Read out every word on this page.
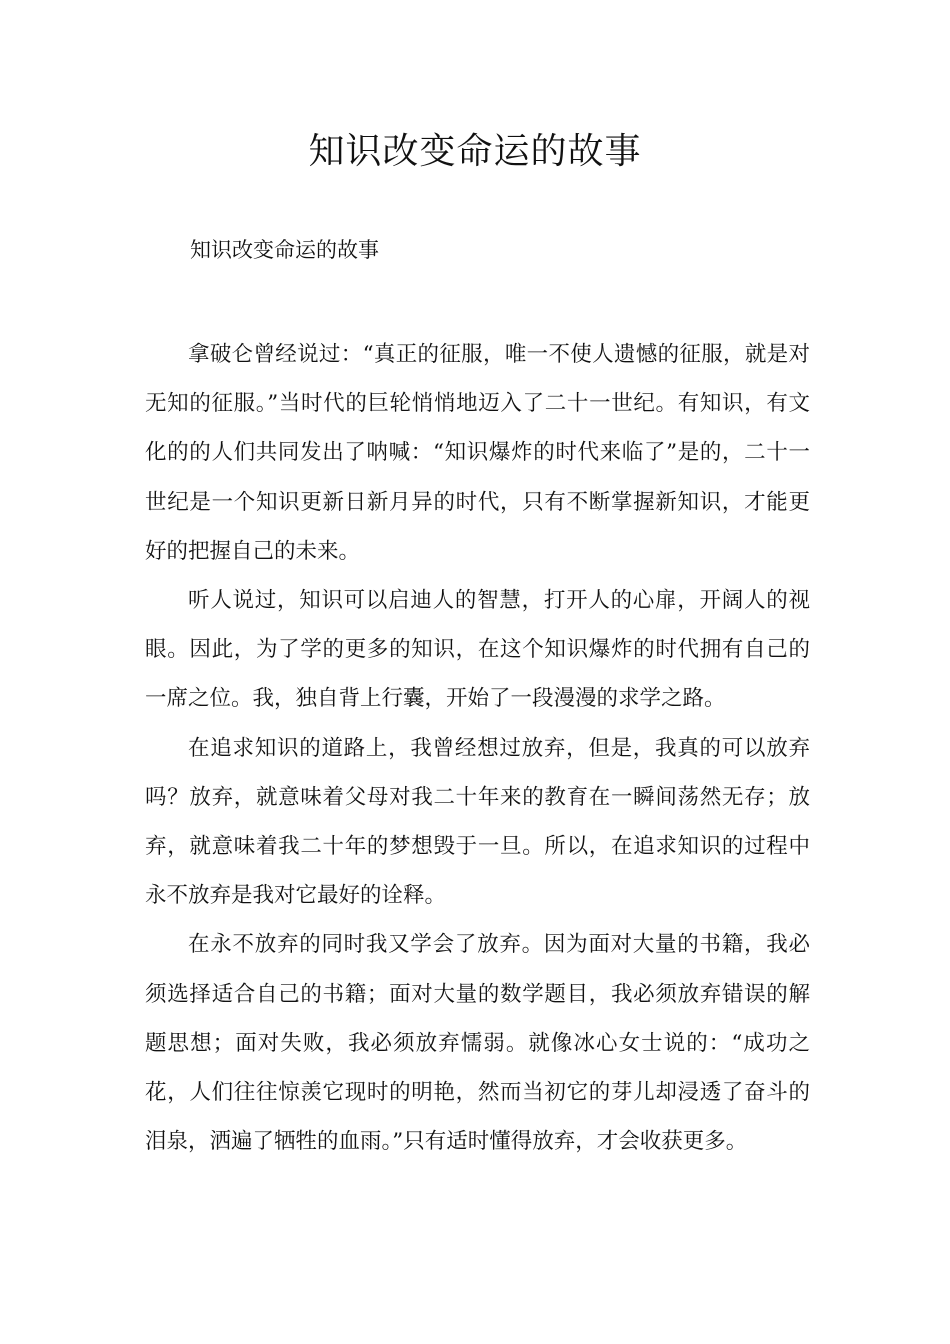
知识改变命运的故事

知识改变命运的故事

拿破仑曾经说过：“真正的征服，唯一不使人遗憾的征服，就是对无知的征服。”当时代的巨轮悄悄地迈入了二十一世纪。有知识，有文化的的人们共同发出了呐喊：“知识爆炸的时代来临了”是的，二十一世纪是一个知识更新日新月异的时代，只有不断掌握新知识，才能更好的把握自己的未来。

听人说过，知识可以启迪人的智慧，打开人的心扉，开阔人的视眼。因此，为了学的更多的知识，在这个知识爆炸的时代拥有自己的一席之位。我，独自背上行囊，开始了一段漫漫的求学之路。

在追求知识的道路上，我曾经想过放弃，但是，我真的可以放弃吗？放弃，就意味着父母对我二十年来的教育在一瞬间荡然无存；放弃，就意味着我二十年的梦想毁于一旦。所以，在追求知识的过程中永不放弃是我对它最好的诠释。

在永不放弃的同时我又学会了放弃。因为面对大量的书籍，我必须选择适合自己的书籍；面对大量的数学题目，我必须放弃错误的解题思想；面对失败，我必须放弃懦弱。就像冰心女士说的：“成功之花，人们往往惊羡它现时的明艳，然而当初它的芽儿却浸透了奋斗的泪泉，洒遍了牺牲的血雨。”只有适时懂得放弃，才会收获更多。
